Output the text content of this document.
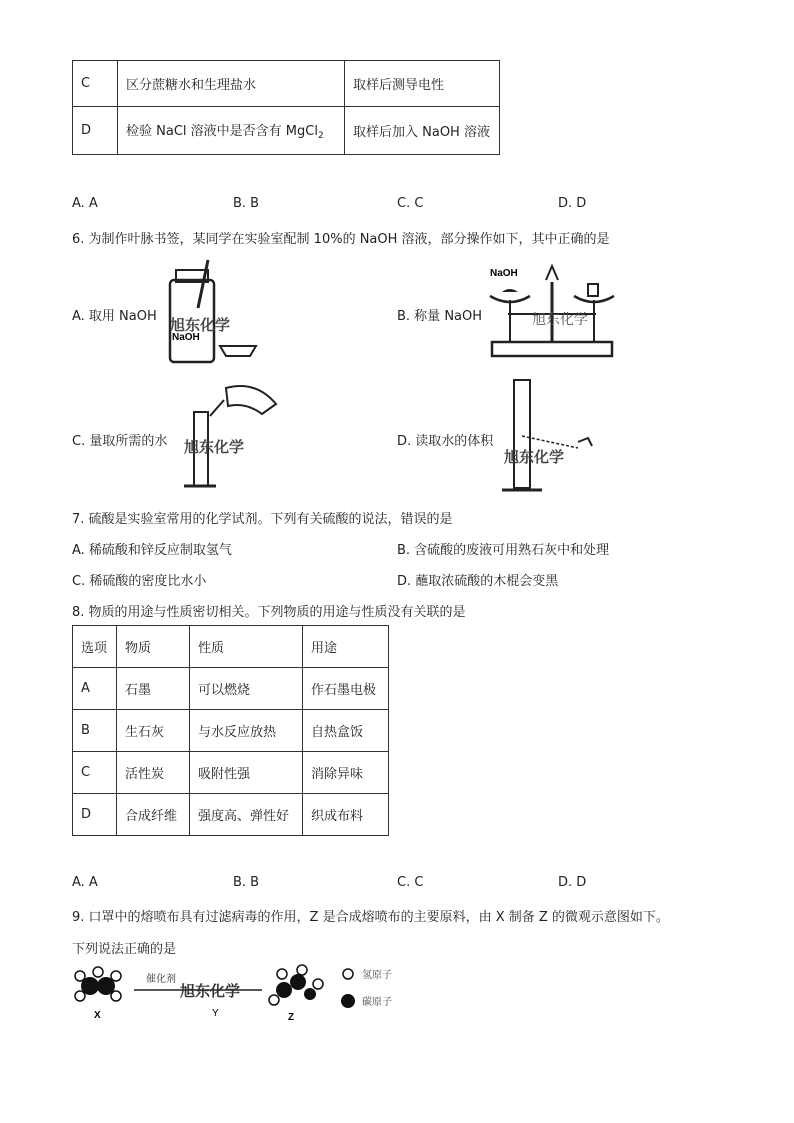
C	区分蔗糖水和生理盐水	取样后测导电性
D	检验 NaCl 溶液中是否含有 MgCl$_2$	取样后加入 NaOH 溶液
A. A	B. B	C. C	D. D
6. 为制作叶脉书签，某同学在实验室配制 10%的 NaOH 溶液，部分操作如下，其中正确的是
A. 取用 NaOH
NaOH
旭东化学	B. 称量 NaOH
NaOH
旭东化学
C. 量取所需的水 旭东化学	D. 读取水的体积
旭东化学
7. 硫酸是实验室常用的化学试剂。下列有关硫酸的说法，错误的是
A. 稀硫酸和锌反应制取氢气	B. 含硫酸的废液可用熟石灰中和处理
C. 稀硫酸的密度比水小	D. 蘸取浓硫酸的木棍会变黑
8. 物质的用途与性质密切相关。下列物质的用途与性质没有关联的是
选项	物质	性质	用途
A	石墨	可以燃烧	作石墨电极
B	生石灰	与水反应放热	自热盒饭
C	活性炭	吸附性强	消除异味
D	合成纤维	强度高、弹性好	织成布料
A. A	B. B	C. C	D. D
9. 口罩中的熔喷布具有过滤病毒的作用，Z 是合成熔喷布的主要原料，由 X 制备 Z 的微观示意图如下。
下列说法正确的是
X
催化剂
旭东化学
Y	Z
氢原子
碳原子
